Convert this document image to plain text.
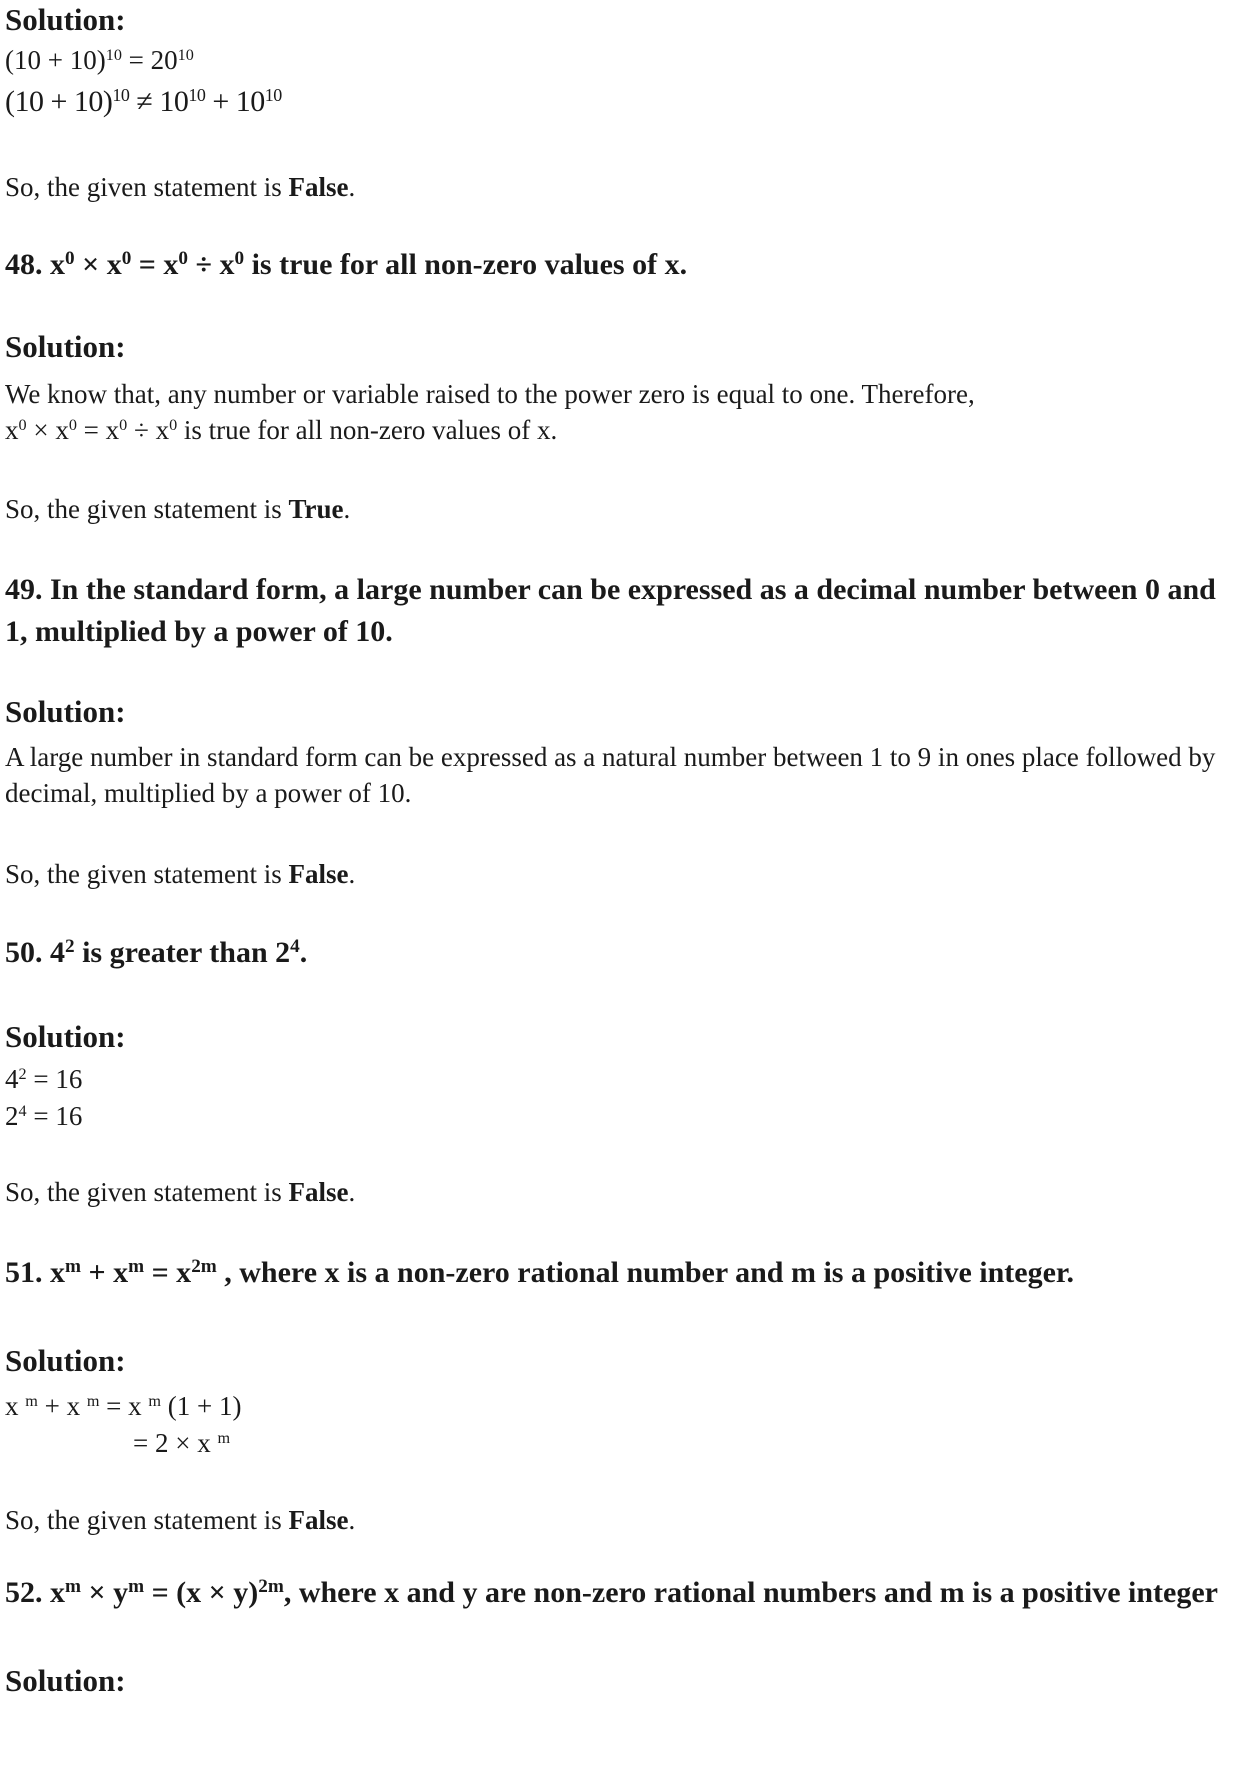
Solution:
$(10 + 10)^{10} = 20^{10}$
$(10 + 10)^{10} \ne 10^{10} + 10^{10}$

So, the given statement is False.

48. $x^0 \times x^0 = x^0 \div x^0$ is true for all non-zero values of x.
Solution:
We know that, any number or variable raised to the power zero is equal to one. Therefore,
$x^0 \times x^0 = x^0 \div x^0$ is true for all non-zero values of x.

So, the given statement is True.

49. In the standard form, a large number can be expressed as a decimal number between 0 and 1, multiplied by a power of 10.
Solution:
A large number in standard form can be expressed as a natural number between 1 to 9 in ones place followed by decimal, multiplied by a power of 10.

So, the given statement is False.

50. $4^2$ is greater than $2^4$.
Solution:
$4^2 = 16$
$2^4 = 16$

So, the given statement is False.

51. $x^m + x^m = x^{2m}$ , where x is a non-zero rational number and m is a positive integer.
Solution:
x $^m$ + x $^m$ = x $^m$ (1 + 1)
= 2 × x $^m$

So, the given statement is False.

52. $x^m \times y^m = (x \times y)^{2m}$, where x and y are non-zero rational numbers and m is a positive integer
Solution:
